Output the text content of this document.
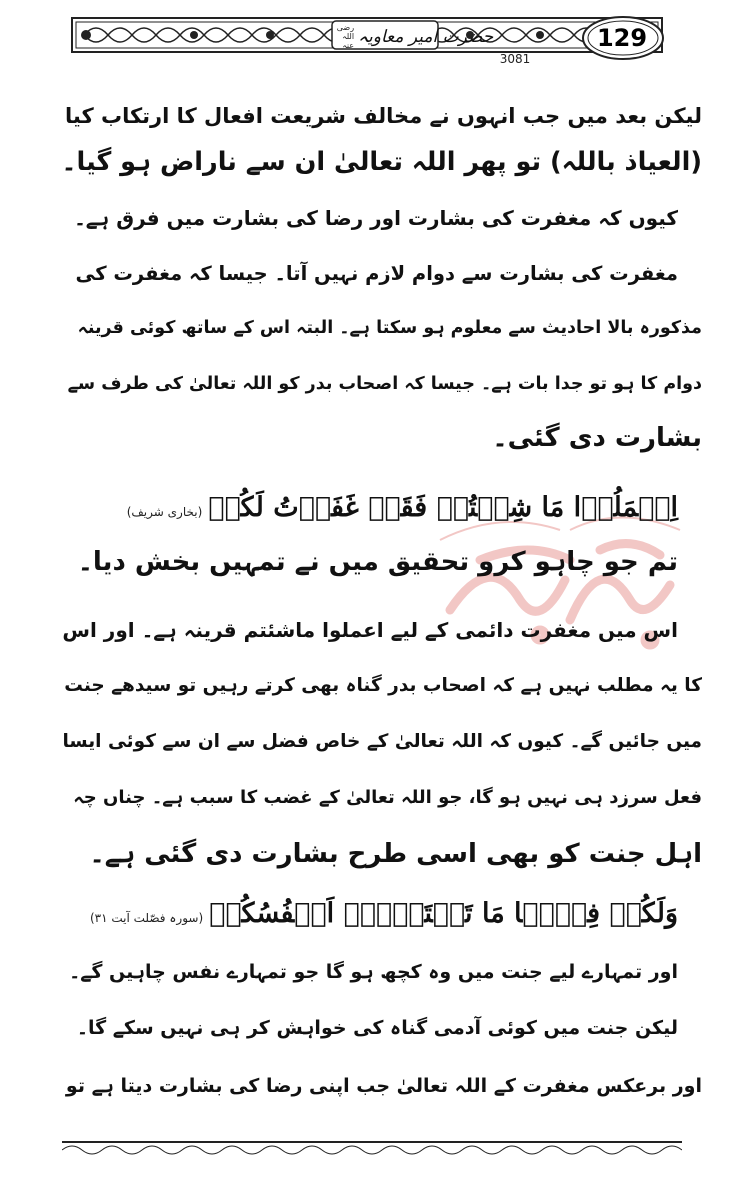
حضرت امیر معاویہ
رضی اللہ عنہ	129
3081
لیکن بعد میں جب انہوں نے مخالف شریعت افعال کا ارتکاب کیا
(العیاذ باللہ) تو پھر اللہ تعالیٰ ان سے ناراض ہو گیا۔
کیوں کہ مغفرت کی بشارت اور رضا کی بشارت میں فرق ہے۔
مغفرت کی بشارت سے دوام لازم نہیں آتا۔ جیسا کہ مغفرت کی
مذکورہ بالا احادیث سے معلوم ہو سکتا ہے۔ البتہ اس کے ساتھ کوئی قرینہ
دوام کا ہو تو جدا بات ہے۔ جیسا کہ اصحاب بدر کو اللہ تعالیٰ کی طرف سے
بشارت دی گئی۔
اِعۡمَلُوۡا مَا شِئۡتُمۡ فَقَدۡ غَفَرۡتُ لَکُمۡ(بخاری شریف)
تم جو چاہو کرو تحقیق میں نے تمہیں بخش دیا۔
اس میں مغفرت دائمی کے لیے اعملوا ماشئتم قرینہ ہے۔ اور اس
کا یہ مطلب نہیں ہے کہ اصحاب بدر گناہ بھی کرتے رہیں تو سیدھے جنت
میں جائیں گے۔ کیوں کہ اللہ تعالیٰ کے خاص فضل سے ان سے کوئی ایسا
فعل سرزد ہی نہیں ہو گا، جو اللہ تعالیٰ کے غضب کا سبب ہے۔ چناں چہ
اہل جنت کو بھی اسی طرح بشارت دی گئی ہے۔
وَلَکُمۡ فِیۡہَا مَا تَشۡتَہِیۡۤ اَنۡفُسُکُمۡ(سورہ فصّلت آیت ۳۱)
اور تمہارے لیے جنت میں وہ کچھ ہو گا جو تمہارے نفس چاہیں گے۔
لیکن جنت میں کوئی آدمی گناہ کی خواہش کر ہی نہیں سکے گا۔
اور برعکس مغفرت کے اللہ تعالیٰ جب اپنی رضا کی بشارت دیتا ہے تو
